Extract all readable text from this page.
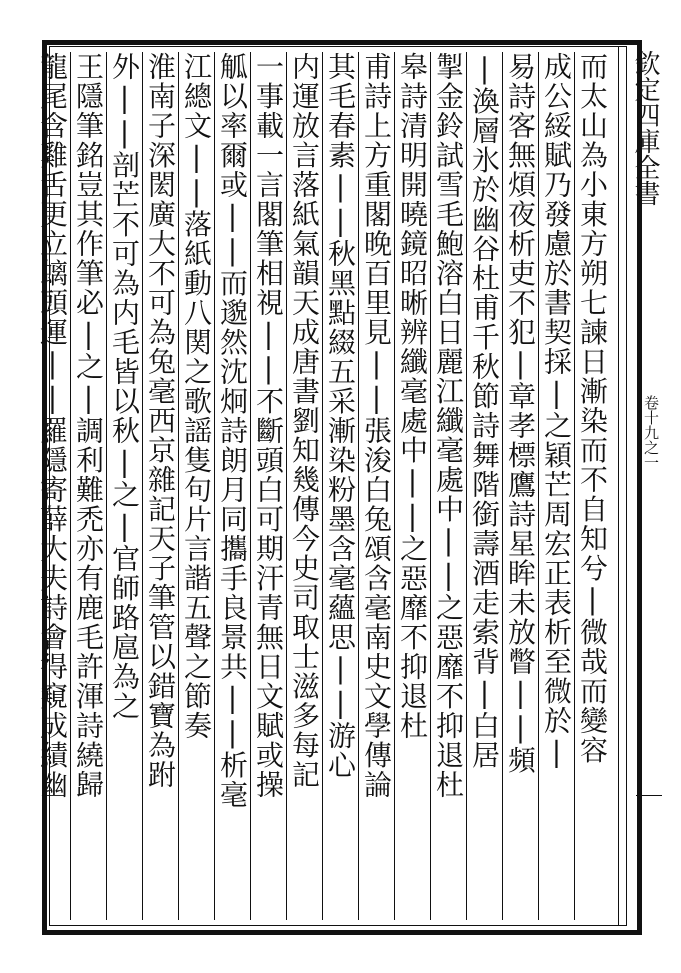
欽定四庫全書
卷十九之一
而太山為小東方朔七諫日漸染而不自知兮|微哉而變容
成公綏賦乃發慮於書契採|之穎芒周宏正表析至微於|
易詩客無煩夜析吏不犯|章孝標鷹詩星眸未放瞥||頻
|渙層氷於幽谷杜甫千秋節詩舞階銜壽酒走索背|白居
掣金鈴試雪毛鮑溶白日麗江纖毫處中||之惡靡不抑退杜
皋詩清明開曉鏡昭晰辨纖毫處中||之惡靡不抑退杜
甫詩上方重閣晚百里見||張浚白兔頌含毫南史文學傳論
其毛春素||秋黑點綴五采漸染粉墨含毫蘊思||游心
内運放言落紙氣韻天成唐書劉知幾傳今史司取士滋多每記
一事載一言閣筆相視||不斷頭白可期汗青無日文賦或操
觚以率爾或||而邈然沈炯詩朗月同攜手良景共||析毫
江總文||落紙動八関之歌謡隻句片言諧五聲之節奏
淮南子深閎廣大不可為兔毫西京雜記天子筆管以錯寶為跗
外||剖芒不可為内毛皆以秋|之|官師路扈為之
王隱筆銘豈其作筆必|之|調利難禿亦有鹿毛許渾詩繞歸
龍尾含雞舌更立螭頭運||羅隱寄薛大夫詩會得窺成績幽
